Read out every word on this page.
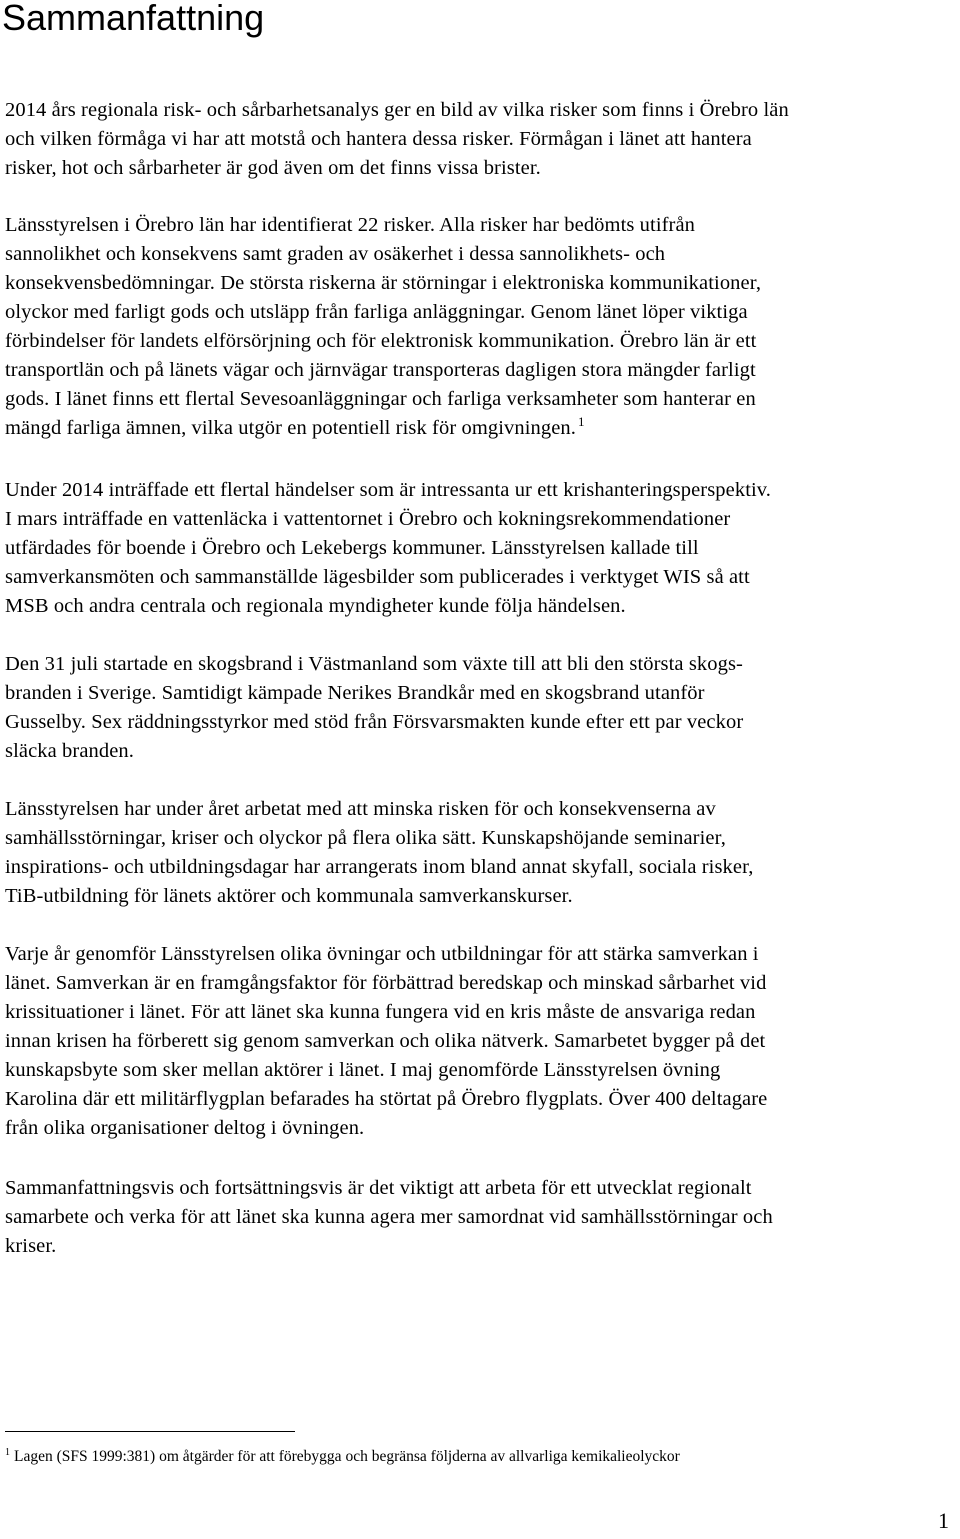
Sammanfattning

2014 års regionala risk- och sårbarhetsanalys ger en bild av vilka risker som finns i Örebro län
och vilken förmåga vi har att motstå och hantera dessa risker. Förmågan i länet att hantera
risker, hot och sårbarheter är god även om det finns vissa brister.

Länsstyrelsen i Örebro län har identifierat 22 risker. Alla risker har bedömts utifrån
sannolikhet och konsekvens samt graden av osäkerhet i dessa sannolikhets- och
konsekvensbedömningar. De största riskerna är störningar i elektroniska kommunikationer,
olyckor med farligt gods och utsläpp från farliga anläggningar. Genom länet löper viktiga
förbindelser för landets elförsörjning och för elektronisk kommunikation. Örebro län är ett
transportlän och på länets vägar och järnvägar transporteras dagligen stora mängder farligt
gods. I länet finns ett flertal Sevesoanläggningar och farliga verksamheter som hanterar en
mängd farliga ämnen, vilka utgör en potentiell risk för omgivningen. $^1$

Under 2014 inträffade ett flertal händelser som är intressanta ur ett krishanteringsperspektiv.
I mars inträffade en vattenläcka i vattentornet i Örebro och kokningsrekommendationer
utfärdades för boende i Örebro och Lekebergs kommuner. Länsstyrelsen kallade till
samverkansmöten och sammanställde lägesbilder som publicerades i verktyget WIS så att
MSB och andra centrala och regionala myndigheter kunde följa händelsen.

Den 31 juli startade en skogsbrand i Västmanland som växte till att bli den största skogs-
branden i Sverige. Samtidigt kämpade Nerikes Brandkår med en skogsbrand utanför
Gusselby. Sex räddningsstyrkor med stöd från Försvarsmakten kunde efter ett par veckor
släcka branden.

Länsstyrelsen har under året arbetat med att minska risken för och konsekvenserna av
samhällsstörningar, kriser och olyckor på flera olika sätt. Kunskapshöjande seminarier,
inspirations- och utbildningsdagar har arrangerats inom bland annat skyfall, sociala risker,
TiB-utbildning för länets aktörer och kommunala samverkanskurser.

Varje år genomför Länsstyrelsen olika övningar och utbildningar för att stärka samverkan i
länet. Samverkan är en framgångsfaktor för förbättrad beredskap och minskad sårbarhet vid
krissituationer i länet. För att länet ska kunna fungera vid en kris måste de ansvariga redan
innan krisen ha förberett sig genom samverkan och olika nätverk. Samarbetet bygger på det
kunskapsbyte som sker mellan aktörer i länet. I maj genomförde Länsstyrelsen övning
Karolina där ett militärflygplan befarades ha störtat på Örebro flygplats. Över 400 deltagare
från olika organisationer deltog i övningen.

Sammanfattningsvis och fortsättningsvis är det viktigt att arbeta för ett utvecklat regionalt
samarbete och verka för att länet ska kunna agera mer samordnat vid samhällsstörningar och
kriser.

$^1$ Lagen (SFS 1999:381) om åtgärder för att förebygga och begränsa följderna av allvarliga kemikalieolyckor

1
